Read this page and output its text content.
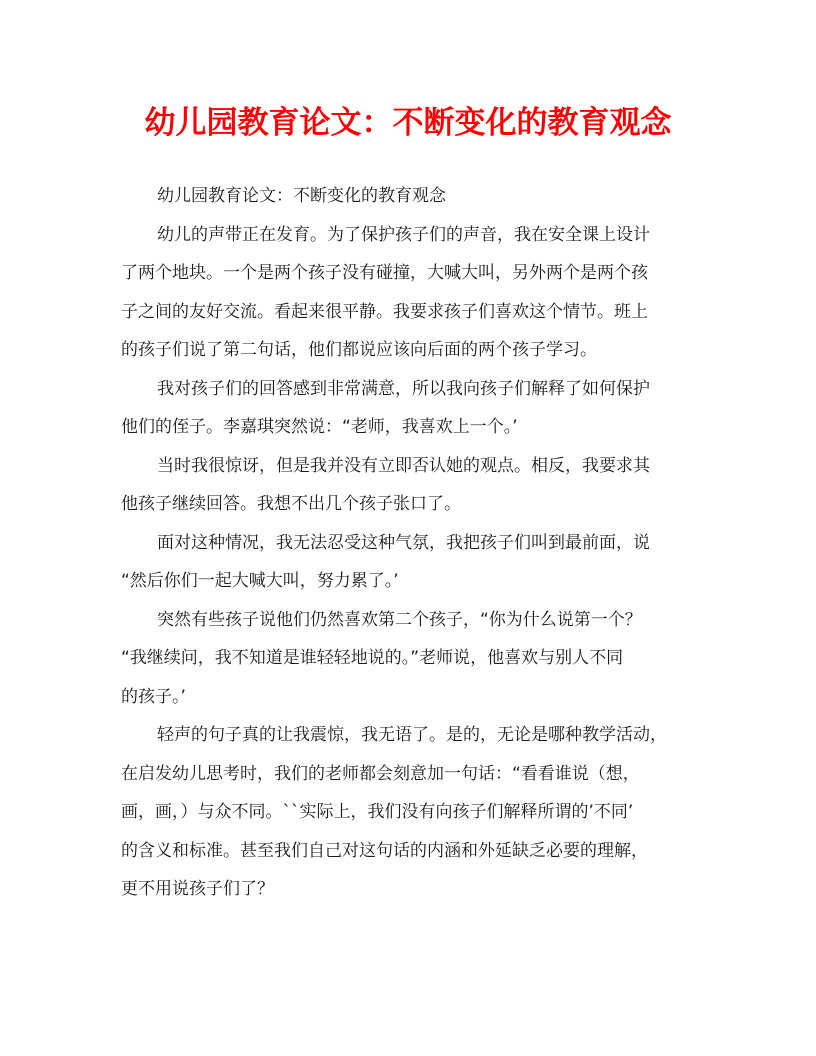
幼儿园教育论文：不断变化的教育观念

幼儿园教育论文：不断变化的教育观念

幼儿的声带正在发育。为了保护孩子们的声音，我在安全课上设计
了两个地块。一个是两个孩子没有碰撞，大喊大叫，另外两个是两个孩
子之间的友好交流。看起来很平静。我要求孩子们喜欢这个情节。班上
的孩子们说了第二句话，他们都说应该向后面的两个孩子学习。

我对孩子们的回答感到非常满意，所以我向孩子们解释了如何保护
他们的侄子。李嘉琪突然说：“老师，我喜欢上一个。’

当时我很惊讶，但是我并没有立即否认她的观点。相反，我要求其
他孩子继续回答。我想不出几个孩子张口了。

面对这种情况，我无法忍受这种气氛，我把孩子们叫到最前面，说
“然后你们一起大喊大叫，努力累了。’

突然有些孩子说他们仍然喜欢第二个孩子，“你为什么说第一个？
“我继续问，我不知道是谁轻轻地说的。”老师说，他喜欢与别人不同
的孩子。’

轻声的句子真的让我震惊，我无语了。是的，无论是哪种教学活动，
在启发幼儿思考时，我们的老师都会刻意加一句话：“看看谁说（想，
画，画，）与众不同。``实际上，我们没有向孩子们解释所谓的’不同’
的含义和标准。甚至我们自己对这句话的内涵和外延缺乏必要的理解，
更不用说孩子们了？
